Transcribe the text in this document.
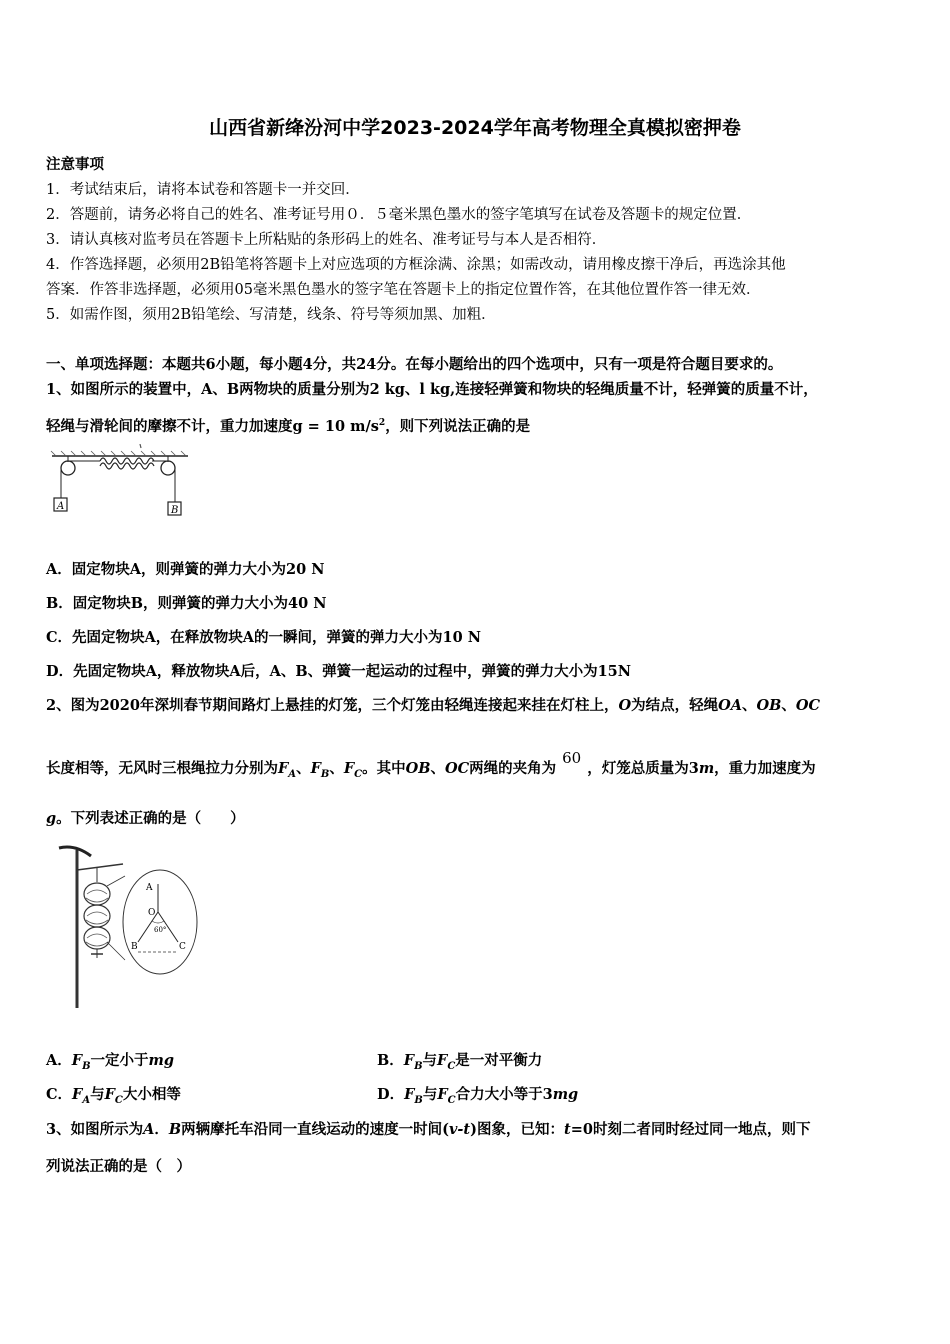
山西省新绛汾河中学2023-2024学年高考物理全真模拟密押卷
注意事项
1．考试结束后，请将本试卷和答题卡一并交回．
2．答题前，请务必将自己的姓名、准考证号用０．５毫米黑色墨水的签字笔填写在试卷及答题卡的规定位置．
3．请认真核对监考员在答题卡上所粘贴的条形码上的姓名、准考证号与本人是否相符．
4．作答选择题，必须用2B铅笔将答题卡上对应选项的方框涂满、涂黑；如需改动，请用橡皮擦干净后，再选涂其他
答案．作答非选择题，必须用05毫米黑色墨水的签字笔在答题卡上的指定位置作答，在其他位置作答一律无效．
5．如需作图，须用2B铅笔绘、写清楚，线条、符号等须加黑、加粗．
一、单项选择题：本题共6小题，每小题4分，共24分。在每小题给出的四个选项中，只有一项是符合题目要求的。
1、如图所示的装置中，A、B两物块的质量分别为2 kg、l kg,连接轻弹簧和物块的轻绳质量不计，轻弹簧的质量不计，
轻绳与滑轮间的摩擦不计，重力加速度g = 10 $m/s^2$，则下列说法正确的是
A	B
A．固定物块A，则弹簧的弹力大小为20 N
B．固定物块B，则弹簧的弹力大小为40 N
C．先固定物块A，在释放物块A的一瞬间，弹簧的弹力大小为10 N
D．先固定物块A，释放物块A后，A、B、弹簧一起运动的过程中，弹簧的弹力大小为15N
2、图为2020年深圳春节期间路灯上悬挂的灯笼，三个灯笼由轻绳连接起来挂在灯柱上，O为结点，轻绳OA、OB、OC
长度相等，无风时三根绳拉力分别为$F_A$、$F_B$、$F_C$。其中OB、OC两绳的夹角为60，灯笼总质量为3m，重力加速度为
g。下列表述正确的是（　　）
A
O
60°
B	C
A．$F_B$一定小于mg	B．$F_B$与$F_C$是一对平衡力
C．$F_A$与$F_C$大小相等	D．$F_B$与$F_C$合力大小等于3mg
3、如图所示为A．B两辆摩托车沿同一直线运动的速度一时间(v-t)图象，已知：t=0时刻二者同时经过同一地点，则下
列说法正确的是（　）
